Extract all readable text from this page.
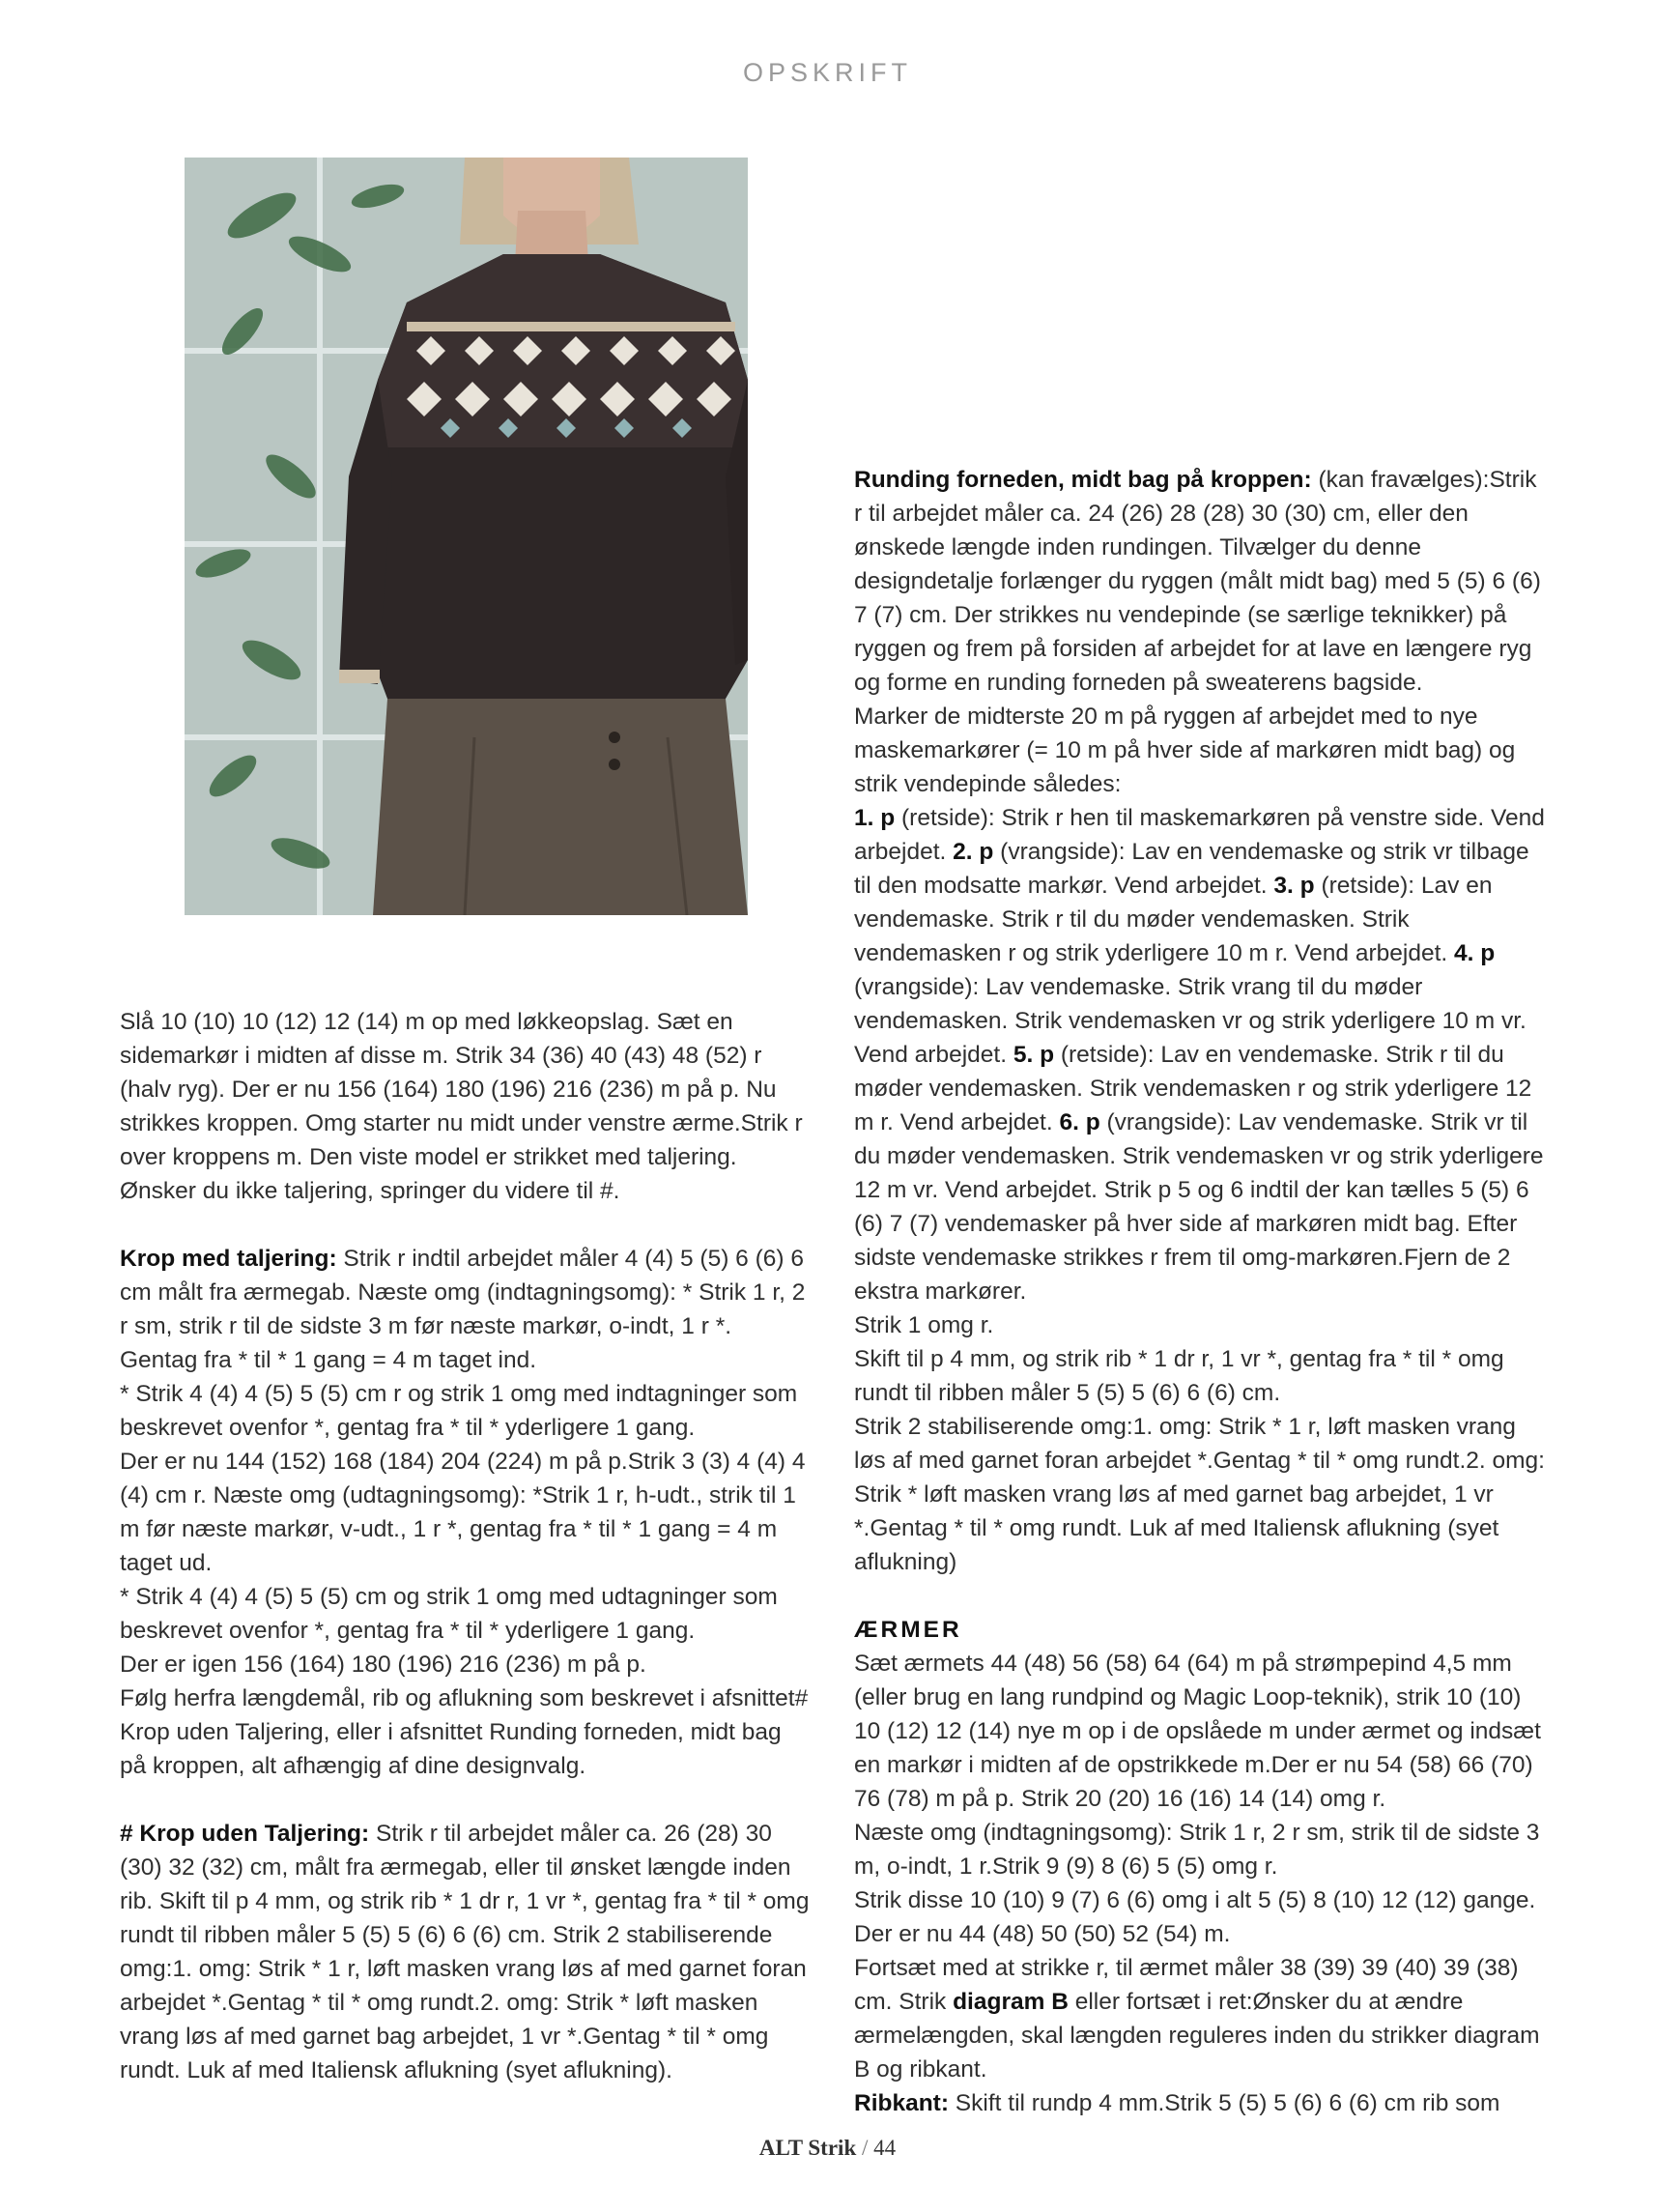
OPSKRIFT

Slå 10 (10) 10 (12) 12 (14) m op med løkkeopslag. Sæt en sidemarkør i midten af disse m. Strik 34 (36) 40 (43) 48 (52) r (halv ryg). Der er nu 156 (164) 180 (196) 216 (236) m på p. Nu strikkes kroppen. Omg starter nu midt under venstre ærme.Strik r over kroppens m. Den viste model er strikket med taljering. Ønsker du ikke taljering, springer du videre til #.

Krop med taljering: Strik r indtil arbejdet måler 4 (4) 5 (5) 6 (6) 6 cm målt fra ærmegab. Næste omg (indtagningsomg): * Strik 1 r, 2 r sm, strik r til de sidste 3 m før næste markør, o-indt, 1 r *. Gentag fra * til * 1 gang = 4 m taget ind.

* Strik 4 (4) 4 (5) 5 (5) cm r og strik 1 omg med indtagninger som beskrevet ovenfor *, gentag fra * til * yderligere 1 gang.

Der er nu 144 (152) 168 (184) 204 (224) m på p.Strik 3 (3) 4 (4) 4 (4) cm r. Næste omg (udtagningsomg): *Strik 1 r, h-udt., strik til 1 m før næste markør, v-udt., 1 r *, gentag fra * til * 1 gang = 4 m taget ud.

* Strik 4 (4) 4 (5) 5 (5) cm og strik 1 omg med udtagninger som beskrevet ovenfor *, gentag fra * til * yderligere 1 gang.

Der er igen 156 (164) 180 (196) 216 (236) m på p.

Følg herfra længdemål, rib og aflukning som beskrevet i afsnittet# Krop uden Taljering, eller i afsnittet Runding forneden, midt bag på kroppen, alt afhængig af dine designvalg.

# Krop uden Taljering: Strik r til arbejdet måler ca. 26 (28) 30 (30) 32 (32) cm, målt fra ærmegab, eller til ønsket længde inden rib. Skift til p 4 mm, og strik rib * 1 dr r, 1 vr *, gentag fra * til * omg rundt til ribben måler 5 (5) 5 (6) 6 (6) cm. Strik 2 stabiliserende omg:1. omg: Strik * 1 r, løft masken vrang løs af med garnet foran arbejdet *.Gentag * til * omg rundt.2. omg: Strik * løft masken vrang løs af med garnet bag arbejdet, 1 vr *.Gentag * til * omg rundt. Luk af med Italiensk aflukning (syet aflukning).

Runding forneden, midt bag på kroppen: (kan fravælges):Strik r til arbejdet måler ca. 24 (26) 28 (28) 30 (30) cm, eller den ønskede længde inden rundingen. Tilvælger du denne designdetalje forlænger du ryggen (målt midt bag) med 5 (5) 6 (6) 7 (7) cm. Der strikkes nu vendepinde (se særlige teknikker) på ryggen og frem på forsiden af arbejdet for at lave en længere ryg og forme en runding forneden på sweaterens bagside.

Marker de midterste 20 m på ryggen af arbejdet med to nye maskemarkører (= 10 m på hver side af markøren midt bag) og strik vendepinde således:

1. p (retside): Strik r hen til maskemarkøren på venstre side. Vend arbejdet. 2. p (vrangside): Lav en vendemaske og strik vr tilbage til den modsatte markør. Vend arbejdet. 3. p (retside): Lav en vendemaske. Strik r til du møder vendemasken. Strik vendemasken r og strik yderligere 10 m r. Vend arbejdet. 4. p (vrangside): Lav vendemaske. Strik vrang til du møder vendemasken. Strik vendemasken vr og strik yderligere 10 m vr. Vend arbejdet. 5. p (retside): Lav en vendemaske. Strik r til du møder vendemasken. Strik vendemasken r og strik yderligere 12 m r. Vend arbejdet. 6. p (vrangside): Lav vendemaske. Strik vr til du møder vendemasken. Strik vendemasken vr og strik yderligere 12 m vr. Vend arbejdet. Strik p 5 og 6 indtil der kan tælles 5 (5) 6 (6) 7 (7) vendemasker på hver side af markøren midt bag. Efter sidste vendemaske strikkes r frem til omg-markøren.Fjern de 2 ekstra markører.

Strik 1 omg r.

Skift til p 4 mm, og strik rib * 1 dr r, 1 vr *, gentag fra * til * omg rundt til ribben måler 5 (5) 5 (6) 6 (6) cm.

Strik 2 stabiliserende omg:1. omg: Strik * 1 r, løft masken vrang løs af med garnet foran arbejdet *.Gentag * til * omg rundt.2. omg: Strik * løft masken vrang løs af med garnet bag arbejdet, 1 vr *.Gentag * til * omg rundt. Luk af med Italiensk aflukning (syet aflukning)

ÆRMER

Sæt ærmets 44 (48) 56 (58) 64 (64) m på strømpepind 4,5 mm (eller brug en lang rundpind og Magic Loop-teknik), strik 10 (10) 10 (12) 12 (14) nye m op i de opslåede m under ærmet og indsæt en markør i midten af de opstrikkede m.Der er nu 54 (58) 66 (70) 76 (78) m på p. Strik 20 (20) 16 (16) 14 (14) omg r.

Næste omg (indtagningsomg): Strik 1 r, 2 r sm, strik til de sidste 3 m, o-indt, 1 r.Strik 9 (9) 8 (6) 5 (5) omg r.

Strik disse 10 (10) 9 (7) 6 (6) omg i alt 5 (5) 8 (10) 12 (12) gange.

Der er nu 44 (48) 50 (50) 52 (54) m.

Fortsæt med at strikke r, til ærmet måler 38 (39) 39 (40) 39 (38) cm. Strik diagram B eller fortsæt i ret:Ønsker du at ændre ærmelængden, skal længden reguleres inden du strikker diagram B og ribkant.

Ribkant: Skift til rundp 4 mm.Strik 5 (5) 5 (6) 6 (6) cm rib som

ALT Strik / 44
